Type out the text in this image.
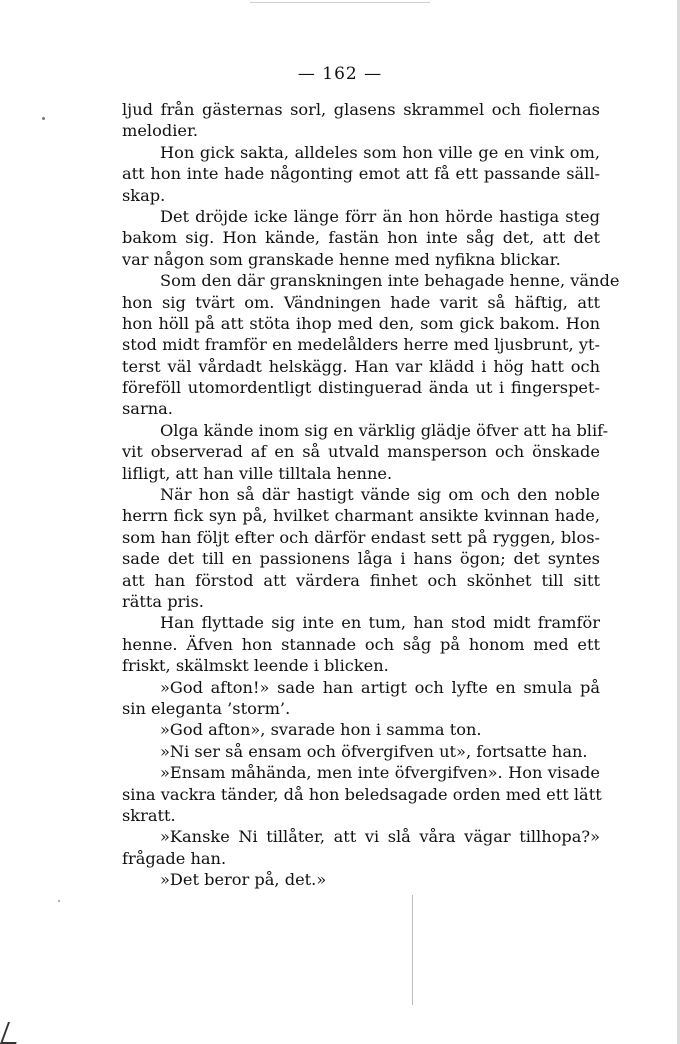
— 162 —
ljud från gästernas sorl, glasens skrammel och fiolernas
melodier.
Hon gick sakta, alldeles som hon ville ge en vink om,
att hon inte hade någonting emot att få ett passande säll-
skap.
Det dröjde icke länge förr än hon hörde hastiga steg
bakom sig. Hon kände, fastän hon inte såg det, att det
var någon som granskade henne med nyfikna blickar.
Som den där granskningen inte behagade henne, vände
hon sig tvärt om. Vändningen hade varit så häftig, att
hon höll på att stöta ihop med den, som gick bakom. Hon
stod midt framför en medelålders herre med ljusbrunt, yt-
terst väl vårdadt helskägg. Han var klädd i hög hatt och
föreföll utomordentligt distinguerad ända ut i fingerspet-
sarna.
Olga kände inom sig en värklig glädje öfver att ha blif-
vit observerad af en så utvald mansperson och önskade
lifligt, att han ville tilltala henne.
När hon så där hastigt vände sig om och den noble
herrn fick syn på, hvilket charmant ansikte kvinnan hade,
som han följt efter och därför endast sett på ryggen, blos-
sade det till en passionens låga i hans ögon; det syntes
att han förstod att värdera finhet och skönhet till sitt
rätta pris.
Han flyttade sig inte en tum, han stod midt framför
henne. Äfven hon stannade och såg på honom med ett
friskt, skälmskt leende i blicken.
»God afton!» sade han artigt och lyfte en smula på
sin eleganta ’storm’.
»God afton», svarade hon i samma ton.
»Ni ser så ensam och öfvergifven ut», fortsatte han.
»Ensam måhända, men inte öfvergifven». Hon visade
sina vackra tänder, då hon beledsagade orden med ett lätt
skratt.
»Kanske Ni tillåter, att vi slå våra vägar tillhopa?»
frågade han.
»Det beror på, det.»
